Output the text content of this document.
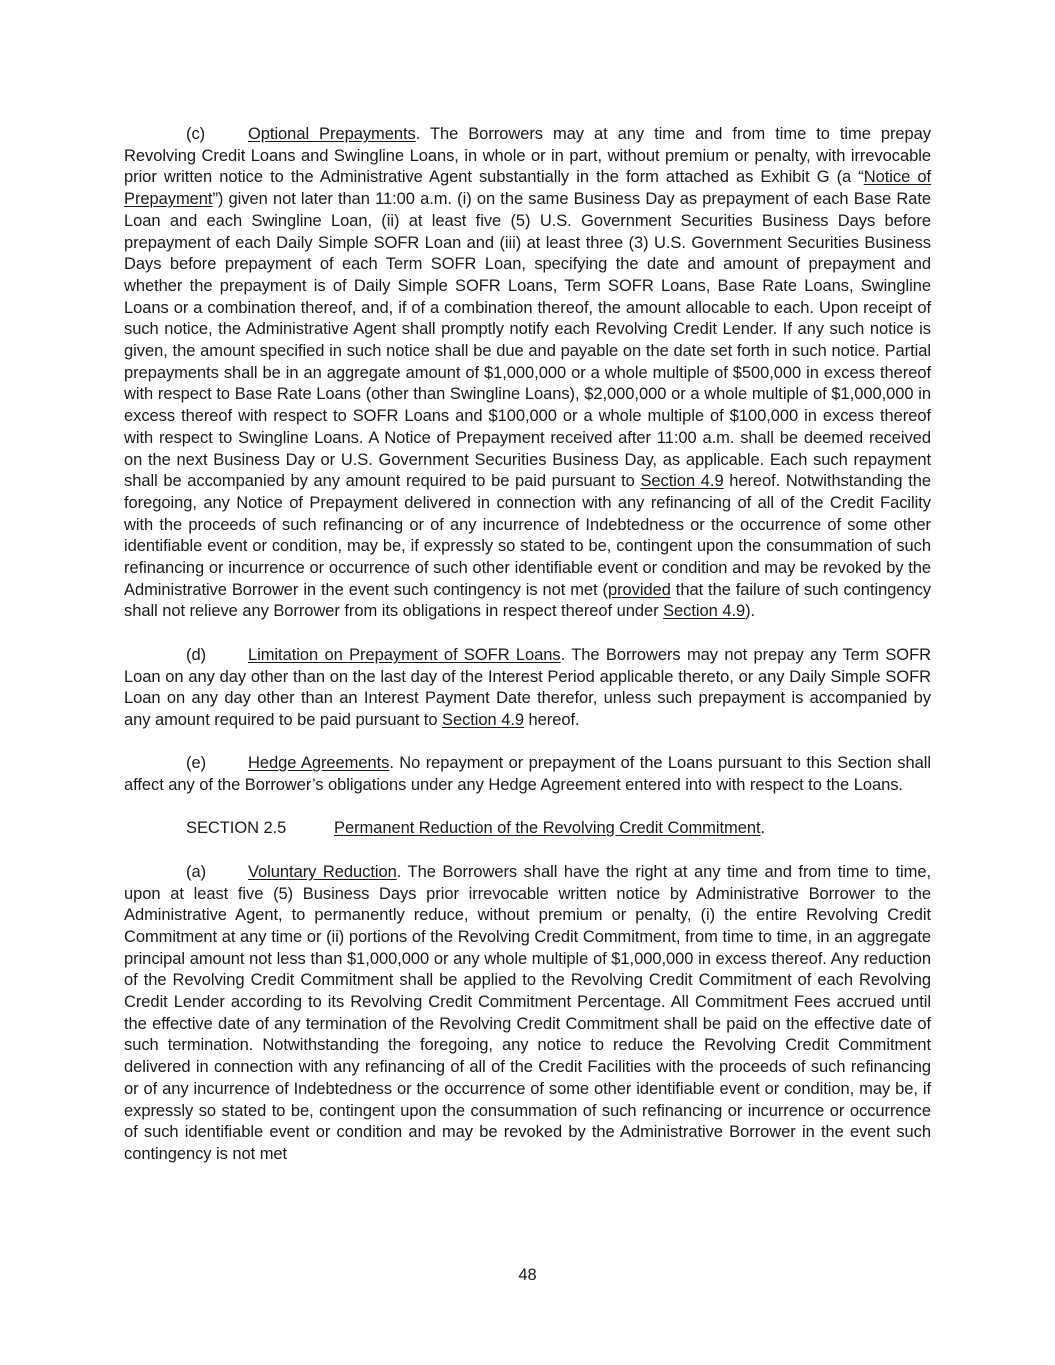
(c)	Optional Prepayments. The Borrowers may at any time and from time to time prepay Revolving Credit Loans and Swingline Loans, in whole or in part, without premium or penalty, with irrevocable prior written notice to the Administrative Agent substantially in the form attached as Exhibit G (a “Notice of Prepayment”) given not later than 11:00 a.m. (i) on the same Business Day as prepayment of each Base Rate Loan and each Swingline Loan, (ii) at least five (5) U.S. Government Securities Business Days before prepayment of each Daily Simple SOFR Loan and (iii) at least three (3) U.S. Government Securities Business Days before prepayment of each Term SOFR Loan, specifying the date and amount of prepayment and whether the prepayment is of Daily Simple SOFR Loans, Term SOFR Loans, Base Rate Loans, Swingline Loans or a combination thereof, and, if of a combination thereof, the amount allocable to each. Upon receipt of such notice, the Administrative Agent shall promptly notify each Revolving Credit Lender. If any such notice is given, the amount specified in such notice shall be due and payable on the date set forth in such notice. Partial prepayments shall be in an aggregate amount of $1,000,000 or a whole multiple of $500,000 in excess thereof with respect to Base Rate Loans (other than Swingline Loans), $2,000,000 or a whole multiple of $1,000,000 in excess thereof with respect to SOFR Loans and $100,000 or a whole multiple of $100,000 in excess thereof with respect to Swingline Loans. A Notice of Prepayment received after 11:00 a.m. shall be deemed received on the next Business Day or U.S. Government Securities Business Day, as applicable. Each such repayment shall be accompanied by any amount required to be paid pursuant to Section 4.9 hereof. Notwithstanding the foregoing, any Notice of Prepayment delivered in connection with any refinancing of all of the Credit Facility with the proceeds of such refinancing or of any incurrence of Indebtedness or the occurrence of some other identifiable event or condition, may be, if expressly so stated to be, contingent upon the consummation of such refinancing or incurrence or occurrence of such other identifiable event or condition and may be revoked by the Administrative Borrower in the event such contingency is not met (provided that the failure of such contingency shall not relieve any Borrower from its obligations in respect thereof under Section 4.9).

(d)	Limitation on Prepayment of SOFR Loans. The Borrowers may not prepay any Term SOFR Loan on any day other than on the last day of the Interest Period applicable thereto, or any Daily Simple SOFR Loan on any day other than an Interest Payment Date therefor, unless such prepayment is accompanied by any amount required to be paid pursuant to Section 4.9 hereof.

(e)	Hedge Agreements. No repayment or prepayment of the Loans pursuant to this Section shall affect any of the Borrower’s obligations under any Hedge Agreement entered into with respect to the Loans.

SECTION 2.5	Permanent Reduction of the Revolving Credit Commitment.

(a)	Voluntary Reduction. The Borrowers shall have the right at any time and from time to time, upon at least five (5) Business Days prior irrevocable written notice by Administrative Borrower to the Administrative Agent, to permanently reduce, without premium or penalty, (i) the entire Revolving Credit Commitment at any time or (ii) portions of the Revolving Credit Commitment, from time to time, in an aggregate principal amount not less than $1,000,000 or any whole multiple of $1,000,000 in excess thereof. Any reduction of the Revolving Credit Commitment shall be applied to the Revolving Credit Commitment of each Revolving Credit Lender according to its Revolving Credit Commitment Percentage. All Commitment Fees accrued until the effective date of any termination of the Revolving Credit Commitment shall be paid on the effective date of such termination. Notwithstanding the foregoing, any notice to reduce the Revolving Credit Commitment delivered in connection with any refinancing of all of the Credit Facilities with the proceeds of such refinancing or of any incurrence of Indebtedness or the occurrence of some other identifiable event or condition, may be, if expressly so stated to be, contingent upon the consummation of such refinancing or incurrence or occurrence of such identifiable event or condition and may be revoked by the Administrative Borrower in the event such contingency is not met

48
